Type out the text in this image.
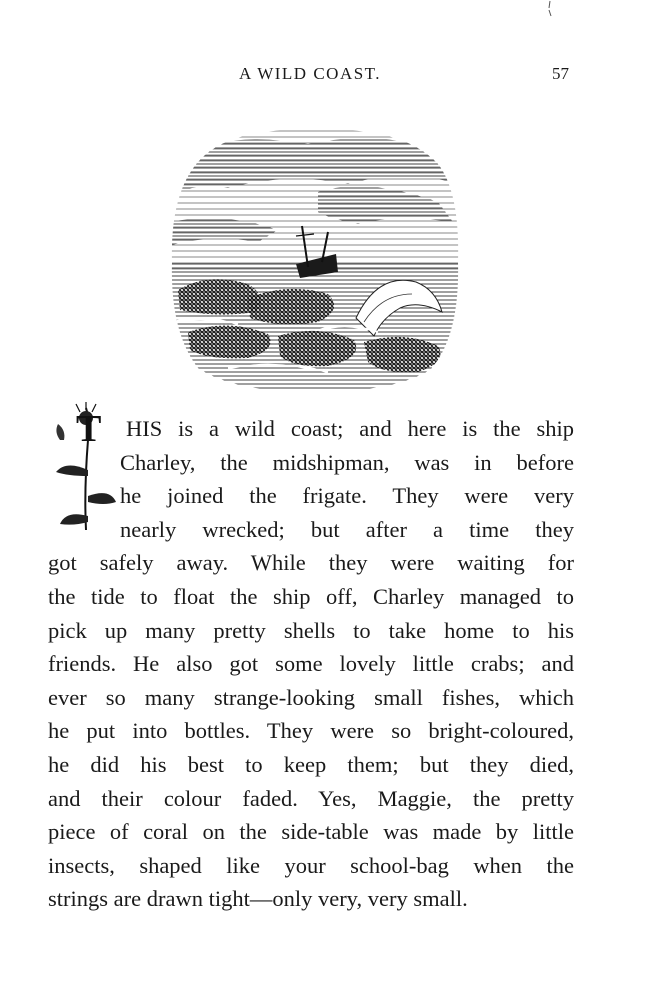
A WILD COAST.	57
T HIS is a wild coast; and here is the ship
Charley, the midshipman, was in before
he joined the frigate. They were very
nearly wrecked; but after a time they
got safely away. While they were waiting for
the tide to float the ship off, Charley managed to
pick up many pretty shells to take home to his
friends. He also got some lovely little crabs; and
ever so many strange-looking small fishes, which
he put into bottles. They were so bright-coloured,
he did his best to keep them; but they died,
and their colour faded. Yes, Maggie, the pretty
piece of coral on the side-table was made by little
insects, shaped like your school-bag when the
strings are drawn tight—only very, very small.
